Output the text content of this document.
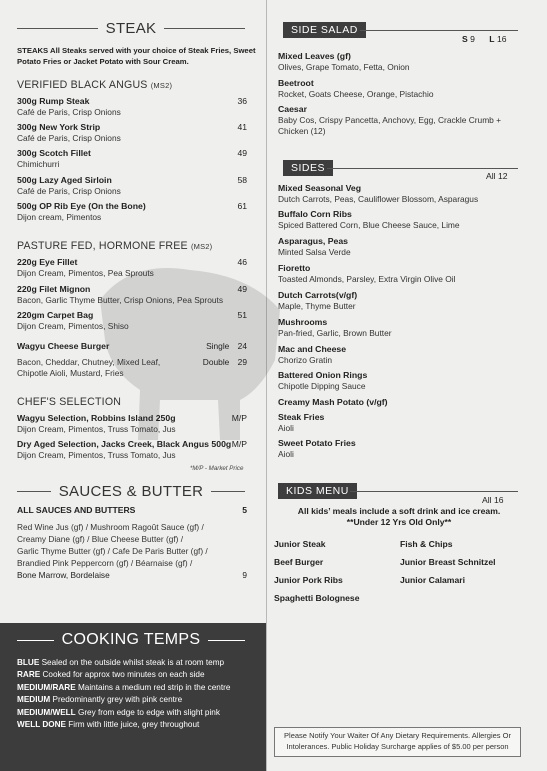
STEAK
STEAKS All Steaks served with your choice of Steak Fries, Sweet Potato Fries or Jacket Potato with Sour Cream.
VERIFIED BLACK ANGUS (MS2)
300g Rump Steak
Café de Paris, Crisp Onions
36
300g New York Strip
Café de Paris, Crisp Onions
41
300g Scotch Fillet
Chimichurri
49
500g Lazy Aged Sirloin
Café de Paris, Crisp Onions
58
500g OP Rib Eye (On the Bone)
Dijon cream, Pimentos
61
PASTURE FED, HORMONE FREE (MS2)
220g Eye Fillet
Dijon Cream, Pimentos, Pea Sprouts
46
220g Filet Mignon
Bacon, Garlic Thyme Butter, Crisp Onions, Pea Sprouts
49
220gm Carpet Bag
Dijon Cream, Pimentos, Shiso
51
Wagyu Cheese Burger
Bacon, Cheddar, Chutney, Mixed Leaf, Chipotle Aioli, Mustard, Fries
Single 24
Double 29
CHEF'S SELECTION
Wagyu Selection, Robbins Island 250g
Dijon Cream, Pimentos, Truss Tomato, Jus
M/P
Dry Aged Selection, Jacks Creek, Black Angus 500g
Dijon Cream, Pimentos, Truss Tomato, Jus
M/P
*M/P - Market Price
SAUCES & BUTTER
ALL SAUCES AND BUTTERS	5
Red Wine Jus (gf) / Mushroom Ragoût Sauce (gf) /
Creamy Diane (gf) / Blue Cheese Butter (gf) /
Garlic Thyme Butter (gf) / Cafe De Paris Butter (gf) /
Brandied Pink Peppercorn (gf) / Béarnaise (gf) /
Bone Marrow, Bordelaise	9
COOKING TEMPS
BLUE Sealed on the outside whilst steak is at room temp
RARE Cooked for approx two minutes on each side
MEDIUM/RARE Maintains a medium red strip in the centre
MEDIUM Predominantly grey with pink centre
MEDIUM/WELL Grey from edge to edge with slight pink
WELL DONE Firm with little juice, grey throughout
SIDE SALAD
S 9 L 16
Mixed Leaves (gf)
Olives, Grape Tomato, Fetta, Onion
Beetroot
Rocket, Goats Cheese, Orange, Pistachio
Caesar
Baby Cos, Crispy Pancetta, Anchovy, Egg, Crackle Crumb + Chicken (12)
SIDES
All 12
Mixed Seasonal Veg
Dutch Carrots, Peas, Cauliflower Blossom, Asparagus
Buffalo Corn Ribs
Spiced Battered Corn, Blue Cheese Sauce, Lime
Asparagus, Peas
Minted Salsa Verde
Fioretto
Toasted Almonds, Parsley, Extra Virgin Olive Oil
Dutch Carrots(v/gf)
Maple, Thyme Butter
Mushrooms
Pan-fried, Garlic, Brown Butter
Mac and Cheese
Chorizo Gratin
Battered Onion Rings
Chipotle Dipping Sauce
Creamy Mash Potato (v/gf)
Steak Fries
Aioli
Sweet Potato Fries
Aioli
KIDS MENU
All 16
All kids’ meals include a soft drink and ice cream.
**Under 12 Yrs Old Only**
Junior Steak	Fish & Chips
Beef Burger	Junior Breast Schnitzel
Junior Pork Ribs	Junior Calamari
Spaghetti Bolognese
Please Notify Your Waiter Of Any Dietary Requirements. Allergies Or
Intolerances. Public Holiday Surcharge applies of $5.00 per person
